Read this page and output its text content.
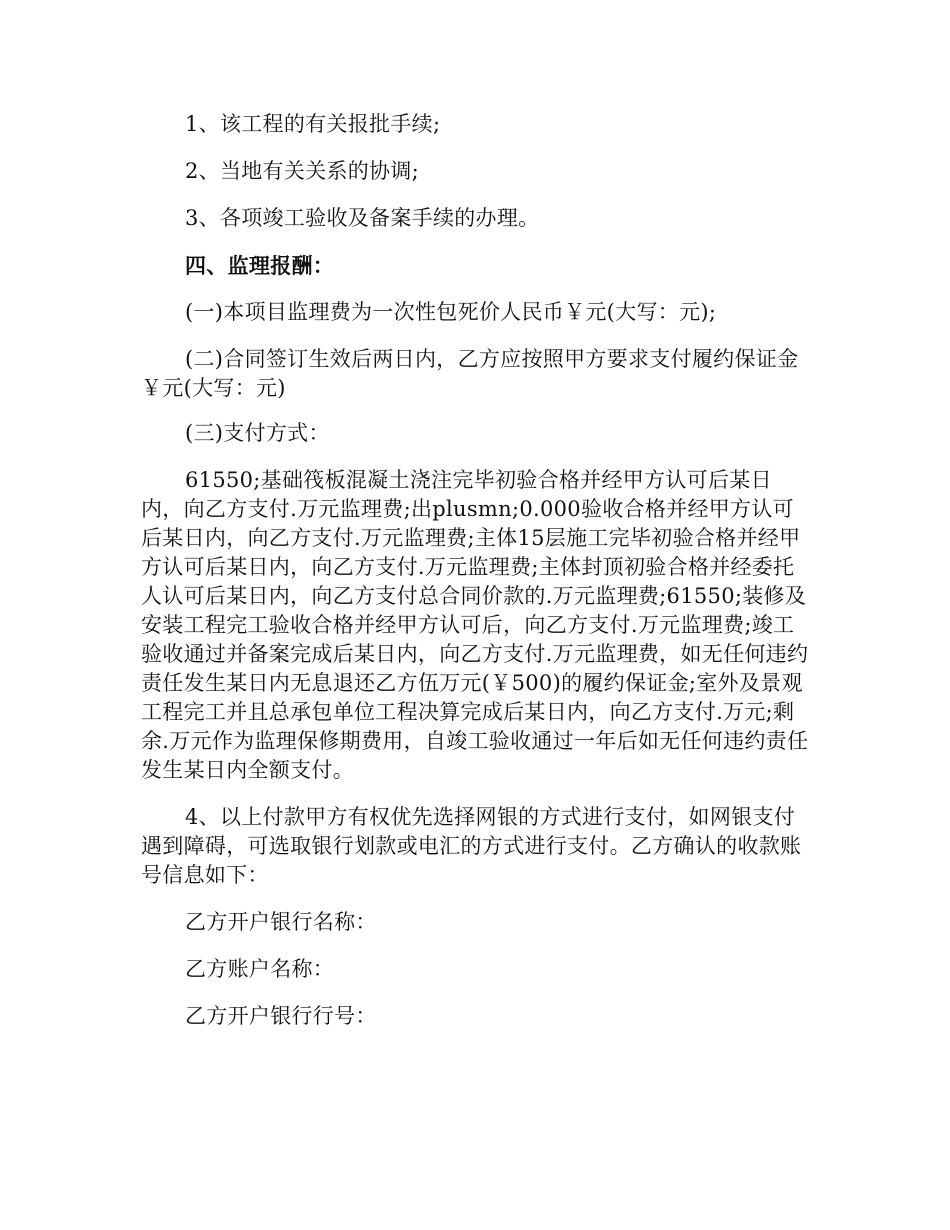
1、该工程的有关报批手续;

2、当地有关关系的协调;

3、各项竣工验收及备案手续的办理。

四、监理报酬：

(一)本项目监理费为一次性包死价人民币￥元(大写：元);

(二)合同签订生效后两日内，乙方应按照甲方要求支付履约保证金￥元(大写：元)

(三)支付方式：

61550;基础筏板混凝土浇注完毕初验合格并经甲方认可后某日内，向乙方支付.万元监理费;出plusmn;0.000验收合格并经甲方认可后某日内，向乙方支付.万元监理费;主体15层施工完毕初验合格并经甲方认可后某日内，向乙方支付.万元监理费;主体封顶初验合格并经委托人认可后某日内，向乙方支付总合同价款的.万元监理费;61550;装修及安装工程完工验收合格并经甲方认可后，向乙方支付.万元监理费;竣工验收通过并备案完成后某日内，向乙方支付.万元监理费，如无任何违约责任发生某日内无息退还乙方伍万元(￥500)的履约保证金;室外及景观工程完工并且总承包单位工程决算完成后某日内，向乙方支付.万元;剩余.万元作为监理保修期费用，自竣工验收通过一年后如无任何违约责任发生某日内全额支付。

4、以上付款甲方有权优先选择网银的方式进行支付，如网银支付遇到障碍，可选取银行划款或电汇的方式进行支付。乙方确认的收款账号信息如下：

乙方开户银行名称：

乙方账户名称：

乙方开户银行行号：
